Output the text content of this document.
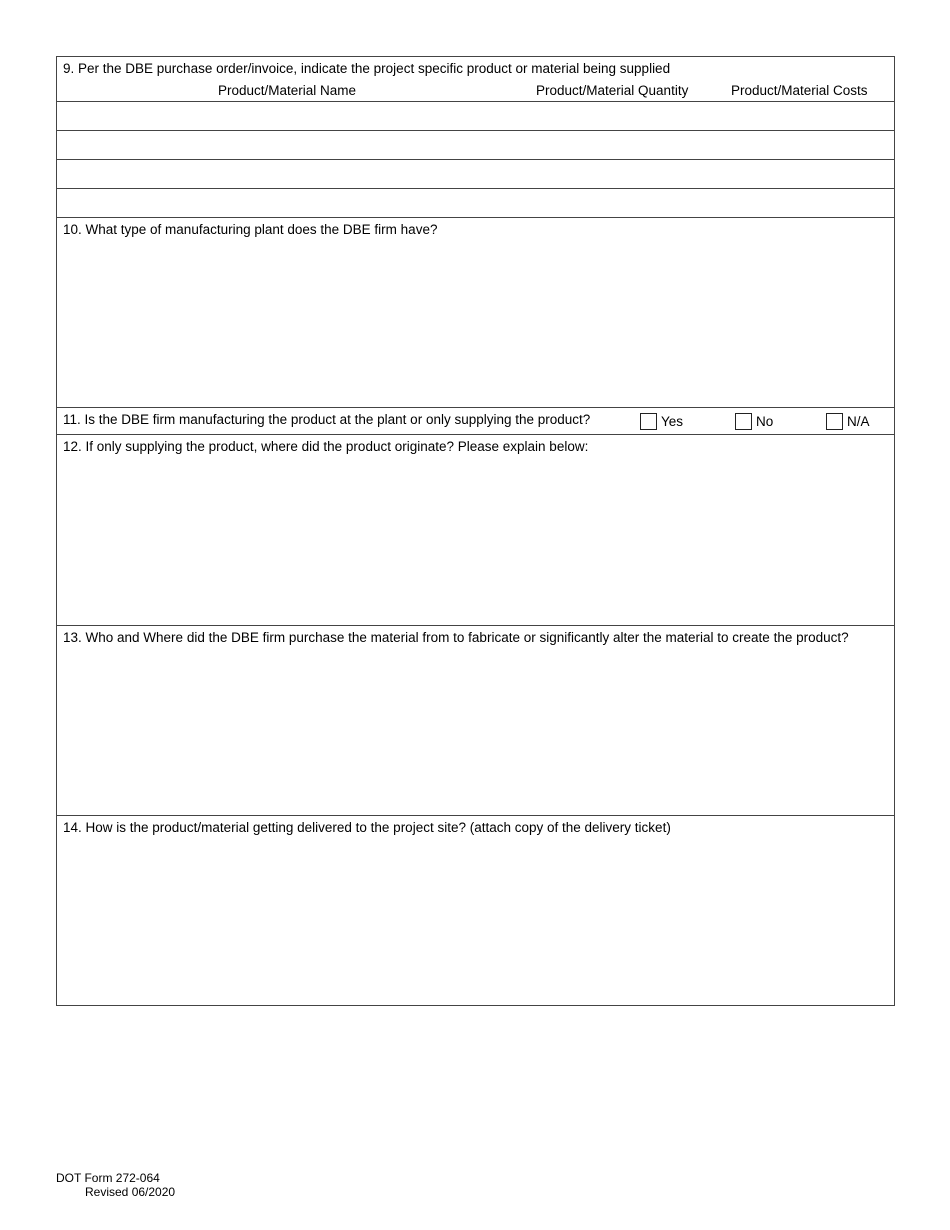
9. Per the DBE purchase order/invoice, indicate the project specific product or material being supplied
Product/Material Name	Product/Material Quantity	Product/Material Costs
10. What type of manufacturing plant does the DBE firm have?
11. Is the DBE firm manufacturing the product at the plant or only supplying the product?	Yes	No	N/A
12. If only supplying the product, where did the product originate? Please explain below:
13. Who and Where did the DBE firm purchase the material from to fabricate or significantly alter the material to create the product?
14. How is the product/material getting delivered to the project site? (attach copy of the delivery ticket)
DOT Form 272-064
Revised 06/2020
